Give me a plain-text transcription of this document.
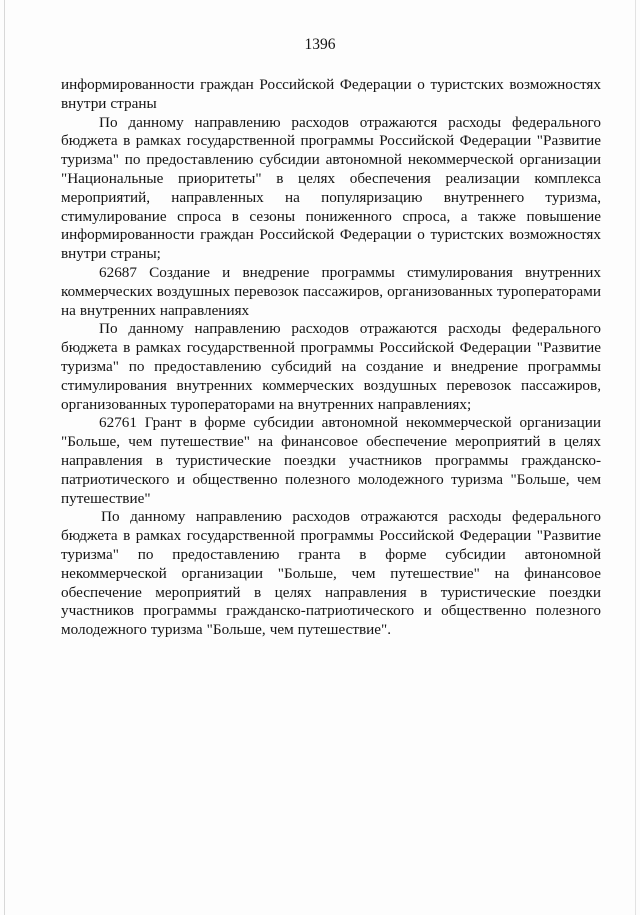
1396

информированности граждан Российской Федерации о туристских возможностях внутри страны

По данному направлению расходов отражаются расходы федерального бюджета в рамках государственной программы Российской Федерации "Развитие туризма" по предоставлению субсидии автономной некоммерческой организации "Национальные приоритеты" в целях обеспечения реализации комплекса мероприятий, направленных на популяризацию внутреннего туризма, стимулирование спроса в сезоны пониженного спроса, а также повышение информированности граждан Российской Федерации о туристских возможностях внутри страны;

62687 Создание и внедрение программы стимулирования внутренних коммерческих воздушных перевозок пассажиров, организованных туроператорами на внутренних направлениях

По данному направлению расходов отражаются расходы федерального бюджета в рамках государственной программы Российской Федерации "Развитие туризма" по предоставлению субсидий на создание и внедрение программы стимулирования внутренних коммерческих воздушных перевозок пассажиров, организованных туроператорами на внутренних направлениях;

62761 Грант в форме субсидии автономной некоммерческой организации "Больше, чем путешествие" на финансовое обеспечение мероприятий в целях направления в туристические поездки участников программы гражданско-патриотического и общественно полезного молодежного туризма "Больше, чем путешествие"

По данному направлению расходов отражаются расходы федерального бюджета в рамках государственной программы Российской Федерации "Развитие туризма" по предоставлению гранта в форме субсидии автономной некоммерческой организации "Больше, чем путешествие" на финансовое обеспечение мероприятий в целях направления в туристические поездки участников программы гражданско-патриотического и общественно полезного молодежного туризма "Больше, чем путешествие".
